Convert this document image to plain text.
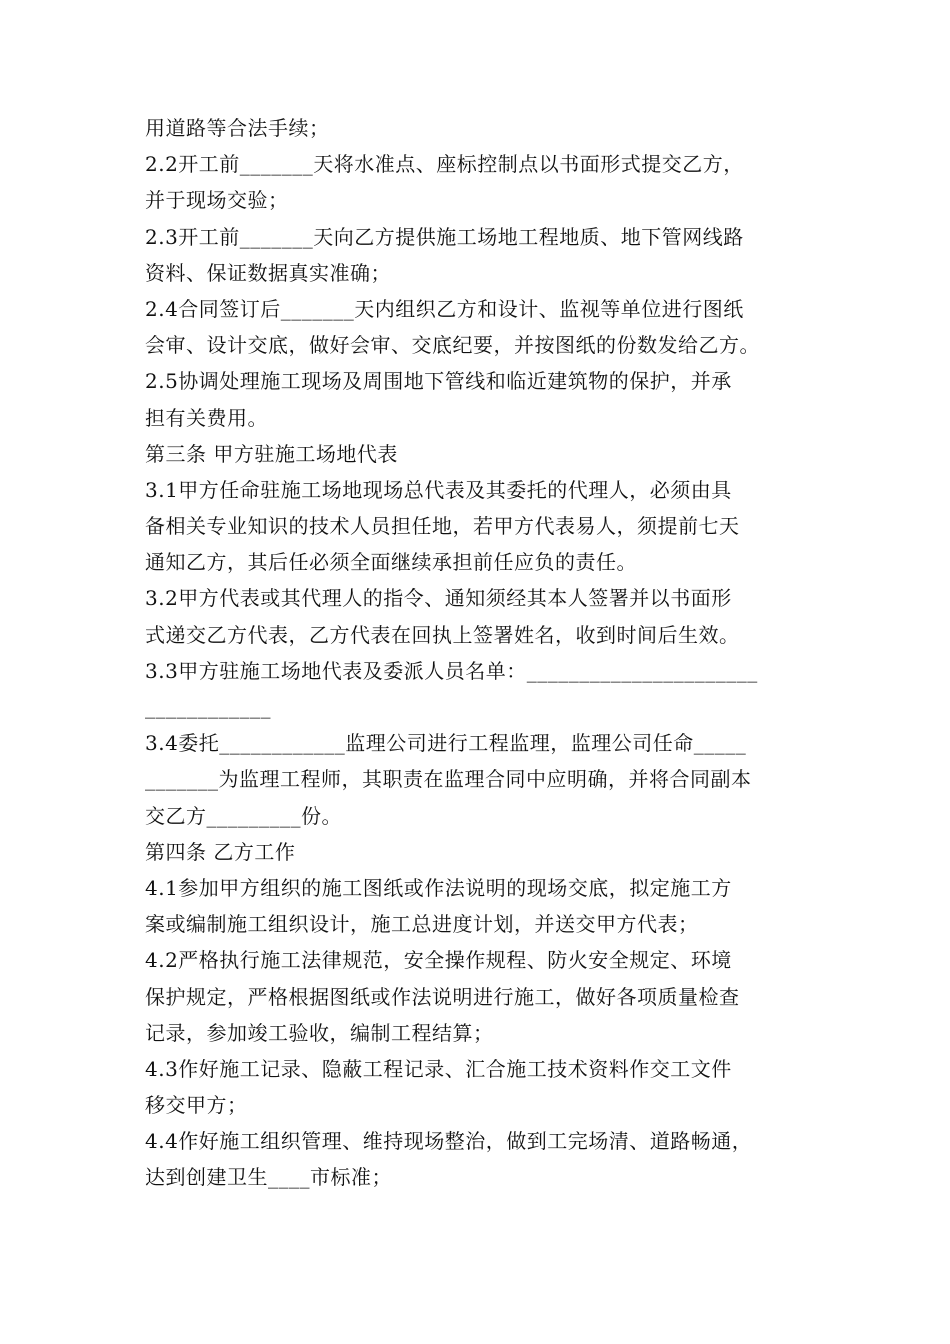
用道路等合法手续；
2.2开工前_______天将水准点、座标控制点以书面形式提交乙方，
并于现场交验；
2.3开工前_______天向乙方提供施工场地工程地质、地下管网线路
资料、保证数据真实准确；
2.4合同签订后_______天内组织乙方和设计、监视等单位进行图纸
会审、设计交底，做好会审、交底纪要，并按图纸的份数发给乙方。
2.5协调处理施工现场及周围地下管线和临近建筑物的保护，并承
担有关费用。
第三条 甲方驻施工场地代表
3.1甲方任命驻施工场地现场总代表及其委托的代理人，必须由具
备相关专业知识的技术人员担任地，若甲方代表易人，须提前七天
通知乙方，其后任必须全面继续承担前任应负的责任。
3.2甲方代表或其代理人的指令、通知须经其本人签署并以书面形
式递交乙方代表，乙方代表在回执上签署姓名，收到时间后生效。
3.3甲方驻施工场地代表及委派人员名单：______________________
____________
3.4委托____________监理公司进行工程监理，监理公司任命_____
_______为监理工程师，其职责在监理合同中应明确，并将合同副本
交乙方_________份。
第四条 乙方工作
4.1参加甲方组织的施工图纸或作法说明的现场交底，拟定施工方
案或编制施工组织设计，施工总进度计划，并送交甲方代表；
4.2严格执行施工法律规范，安全操作规程、防火安全规定、环境
保护规定，严格根据图纸或作法说明进行施工，做好各项质量检查
记录，参加竣工验收，编制工程结算；
4.3作好施工记录、隐蔽工程记录、汇合施工技术资料作交工文件
移交甲方；
4.4作好施工组织管理、维持现场整治，做到工完场清、道路畅通，
达到创建卫生____市标准；
